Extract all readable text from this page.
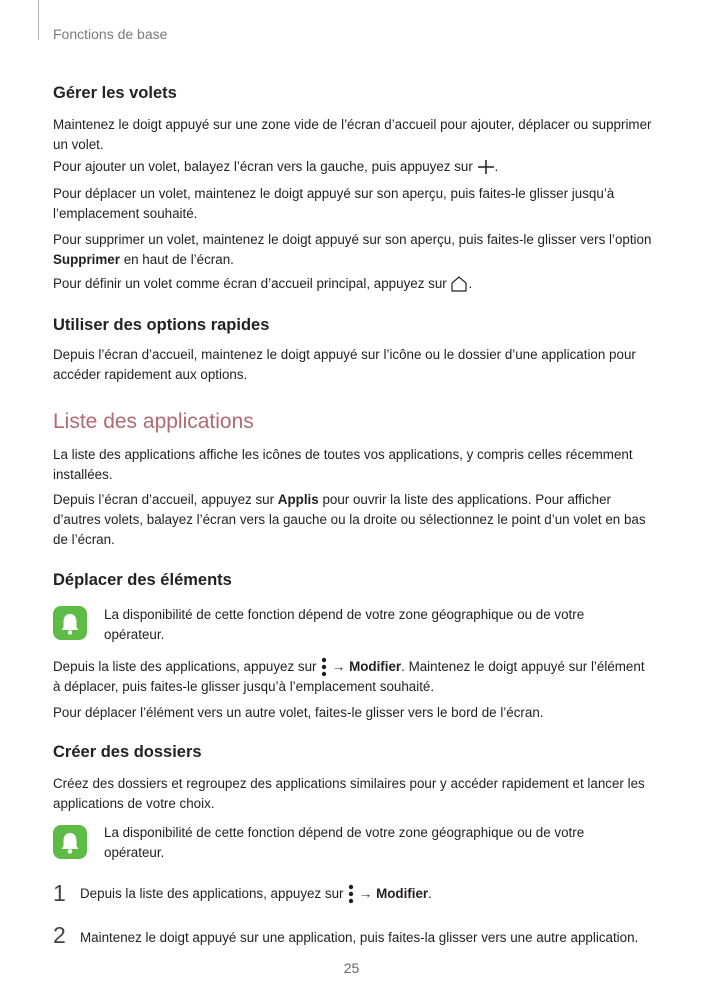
Fonctions de base
Gérer les volets
Maintenez le doigt appuyé sur une zone vide de l’écran d’accueil pour ajouter, déplacer ou supprimer un volet.
Pour ajouter un volet, balayez l’écran vers la gauche, puis appuyez sur .
Pour déplacer un volet, maintenez le doigt appuyé sur son aperçu, puis faites-le glisser jusqu’à l’emplacement souhaité.
Pour supprimer un volet, maintenez le doigt appuyé sur son aperçu, puis faites-le glisser vers l’option Supprimer en haut de l’écran.
Pour définir un volet comme écran d’accueil principal, appuyez sur .
Utiliser des options rapides
Depuis l’écran d’accueil, maintenez le doigt appuyé sur l’icône ou le dossier d’une application pour accéder rapidement aux options.
Liste des applications
La liste des applications affiche les icônes de toutes vos applications, y compris celles récemment installées.
Depuis l’écran d’accueil, appuyez sur Applis pour ouvrir la liste des applications. Pour afficher d’autres volets, balayez l’écran vers la gauche ou la droite ou sélectionnez le point d’un volet en bas de l’écran.
Déplacer des éléments
La disponibilité de cette fonction dépend de votre zone géographique ou de votre opérateur.
Depuis la liste des applications, appuyez sur  → Modifier. Maintenez le doigt appuyé sur l’élément à déplacer, puis faites-le glisser jusqu’à l’emplacement souhaité.
Pour déplacer l’élément vers un autre volet, faites-le glisser vers le bord de l’écran.
Créer des dossiers
Créez des dossiers et regroupez des applications similaires pour y accéder rapidement et lancer les applications de votre choix.
La disponibilité de cette fonction dépend de votre zone géographique ou de votre opérateur.
1 Depuis la liste des applications, appuyez sur  → Modifier.
2 Maintenez le doigt appuyé sur une application, puis faites-la glisser vers une autre application.
25
